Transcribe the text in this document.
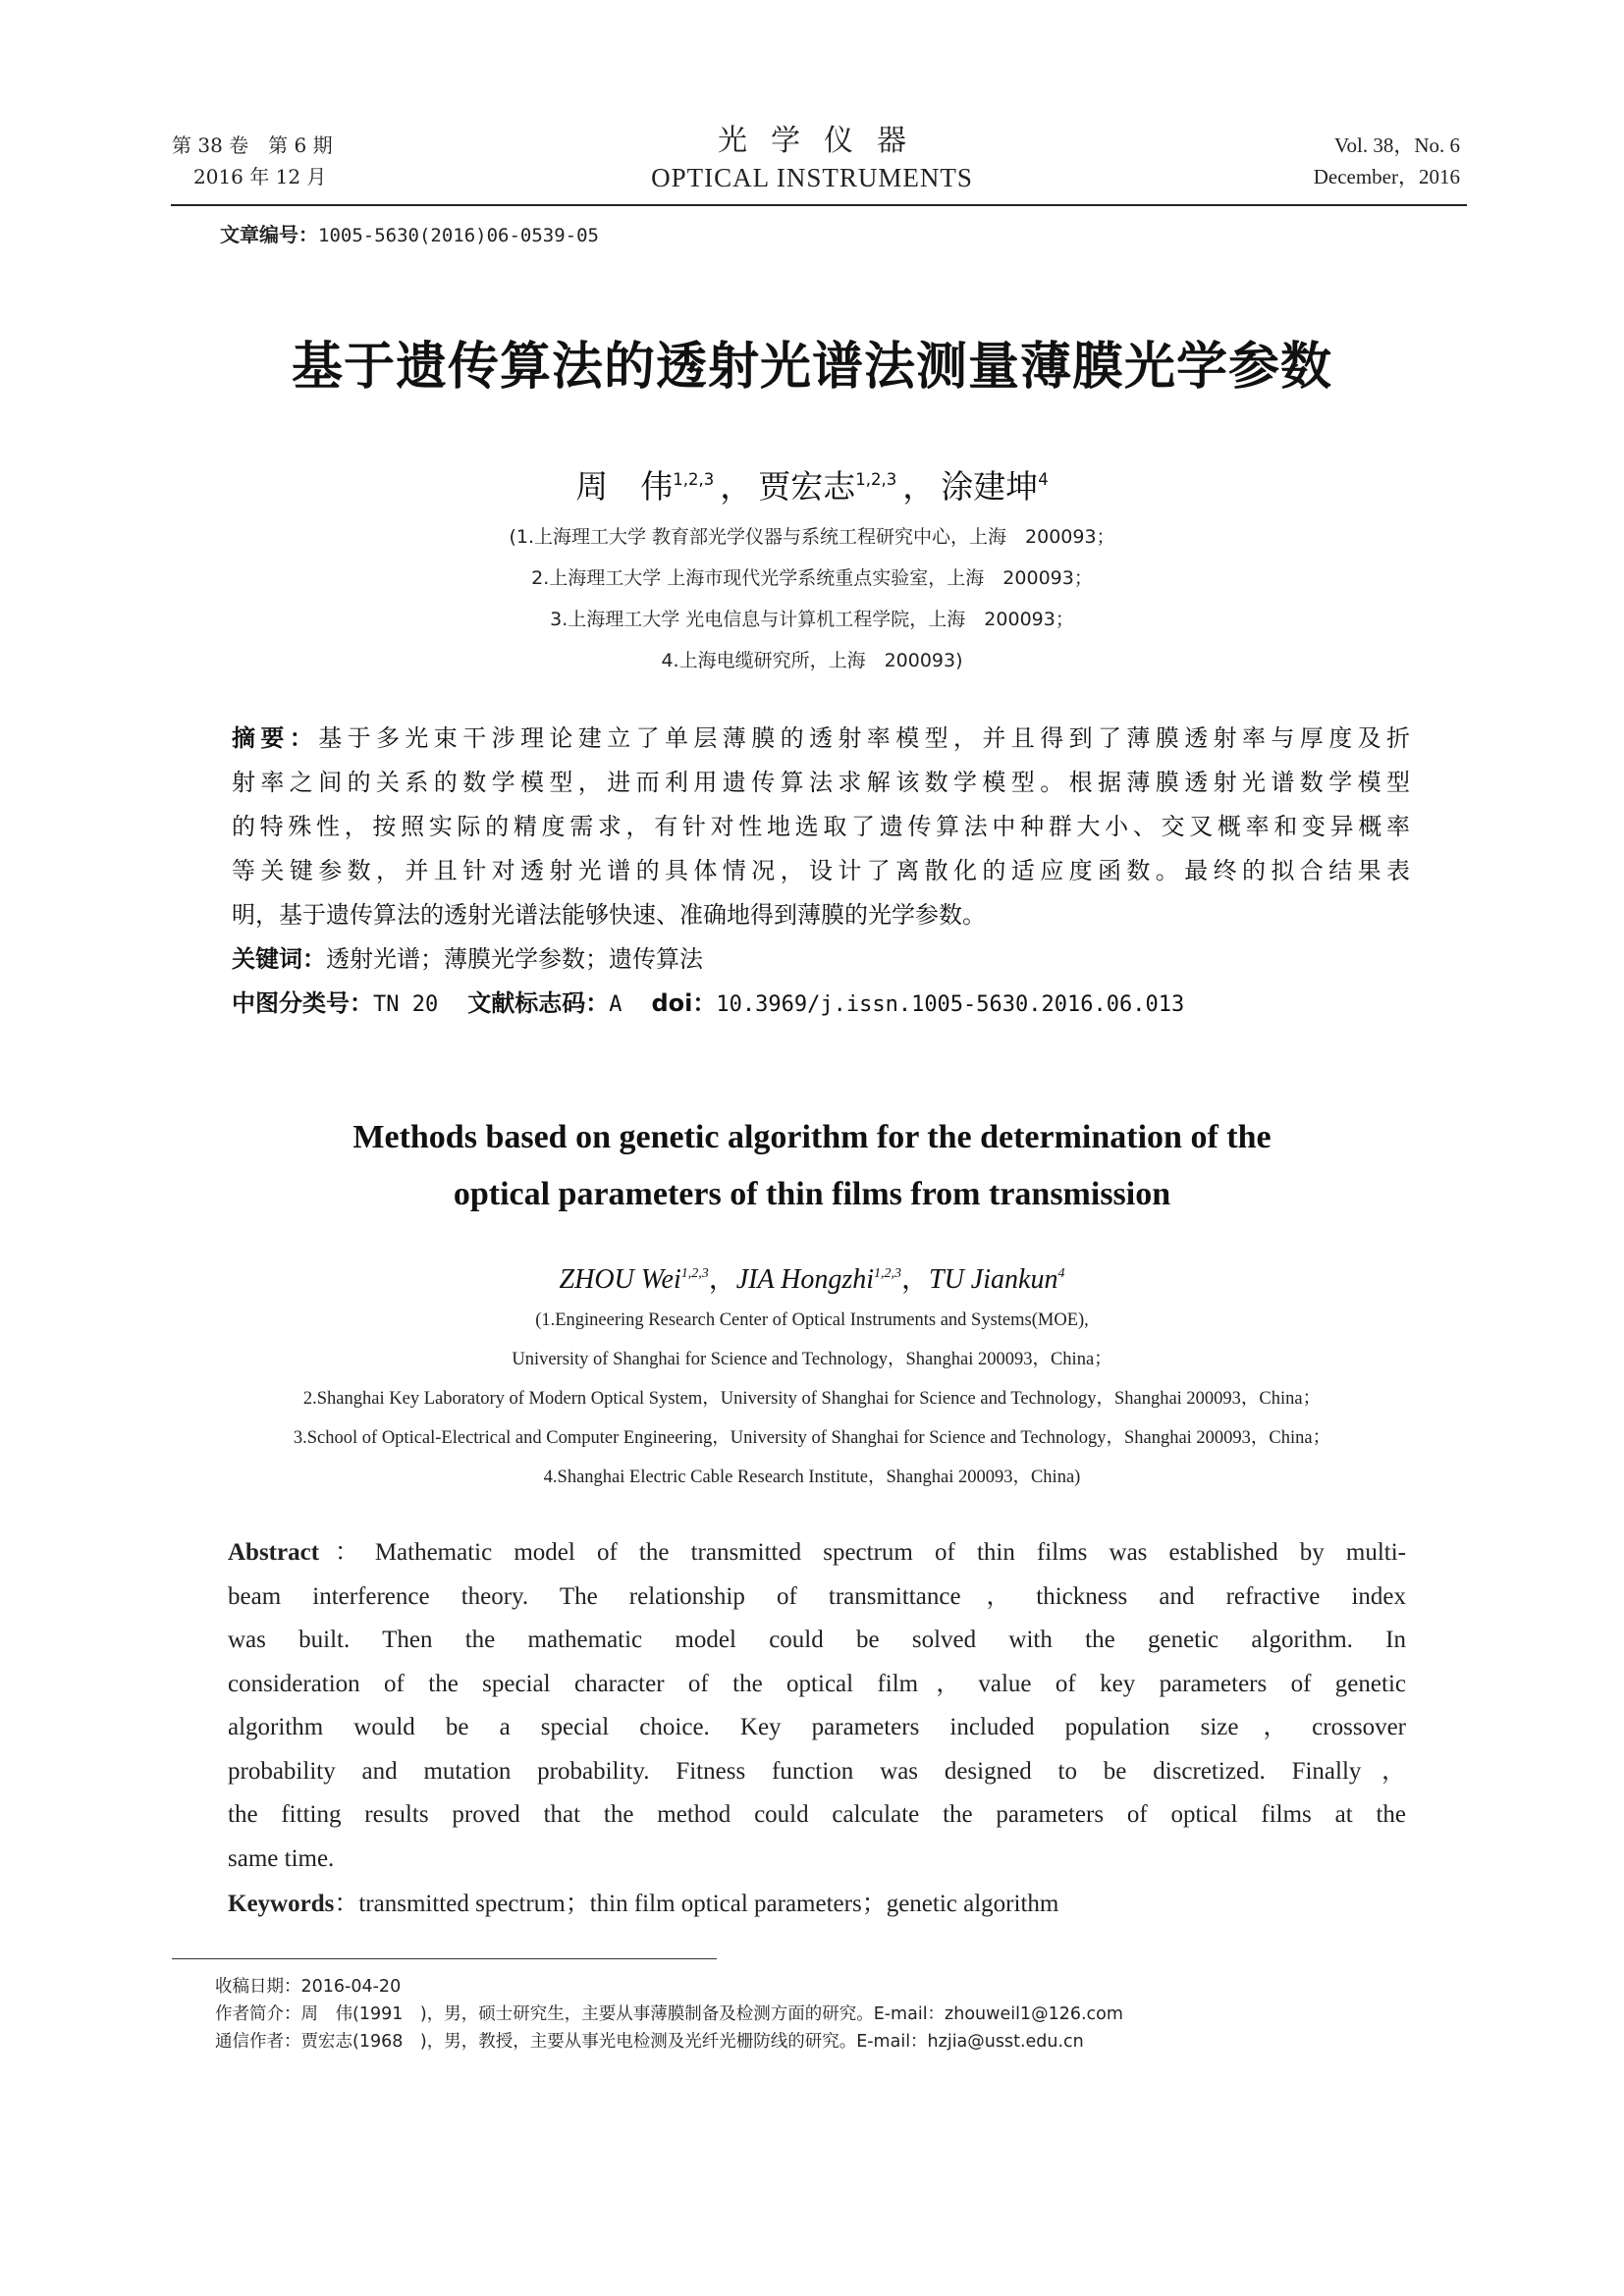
第 38 卷　第 6 期
2016 年 12 月
光学仪器
OPTICAL INSTRUMENTS
Vol. 38，No. 6
December，2016
文章编号：1005-5630(2016)06-0539-05
基于遗传算法的透射光谱法测量薄膜光学参数
周　伟$^{1,2,3}$ ， 贾宏志$^{1,2,3}$ ， 涂建坤$^4$
(1.上海理工大学 教育部光学仪器与系统工程研究中心，上海　200093；
2.上海理工大学 上海市现代光学系统重点实验室，上海　200093；
3.上海理工大学 光电信息与计算机工程学院，上海　200093；
4.上海电缆研究所，上海　200093)
摘要：基于多光束干涉理论建立了单层薄膜的透射率模型，并且得到了薄膜透射率与厚度及折
射率之间的关系的数学模型，进而利用遗传算法求解该数学模型。根据薄膜透射光谱数学模型
的特殊性，按照实际的精度需求，有针对性地选取了遗传算法中种群大小、交叉概率和变异概率
等关键参数，并且针对透射光谱的具体情况，设计了离散化的适应度函数。最终的拟合结果表
明，基于遗传算法的透射光谱法能够快速、准确地得到薄膜的光学参数。
关键词：透射光谱；薄膜光学参数；遗传算法
中图分类号：TN 20 文献标志码：A doi：10.3969/j.issn.1005-5630.2016.06.013
Methods based on genetic algorithm for the determination of the
optical parameters of thin films from transmission
ZHOU Wei$^{1,2,3}$，JIA Hongzhi$^{1,2,3}$，TU Jiankun$^4$
(1.Engineering Research Center of Optical Instruments and Systems(MOE),
University of Shanghai for Science and Technology，Shanghai 200093，China；
2.Shanghai Key Laboratory of Modern Optical System，University of Shanghai for Science and Technology，Shanghai 200093，China；
3.School of Optical-Electrical and Computer Engineering，University of Shanghai for Science and Technology，Shanghai 200093，China；
4.Shanghai Electric Cable Research Institute，Shanghai 200093，China)
Abstract：Mathematic model of the transmitted spectrum of thin films was established by multi-
beam interference theory. The relationship of transmittance，thickness and refractive index
was built. Then the mathematic model could be solved with the genetic algorithm. In
consideration of the special character of the optical film，value of key parameters of genetic
algorithm would be a special choice. Key parameters included population size，crossover
probability and mutation probability. Fitness function was designed to be discretized. Finally，
the fitting results proved that the method could calculate the parameters of optical films at the
same time.
Keywords：transmitted spectrum；thin film optical parameters；genetic algorithm
收稿日期：2016-04-20
作者简介：周　伟(1991　)，男，硕士研究生，主要从事薄膜制备及检测方面的研究。E-mail：zhouweil1@126.com
通信作者：贾宏志(1968　)，男，教授，主要从事光电检测及光纤光栅防线的研究。E-mail：hzjia@usst.edu.cn
